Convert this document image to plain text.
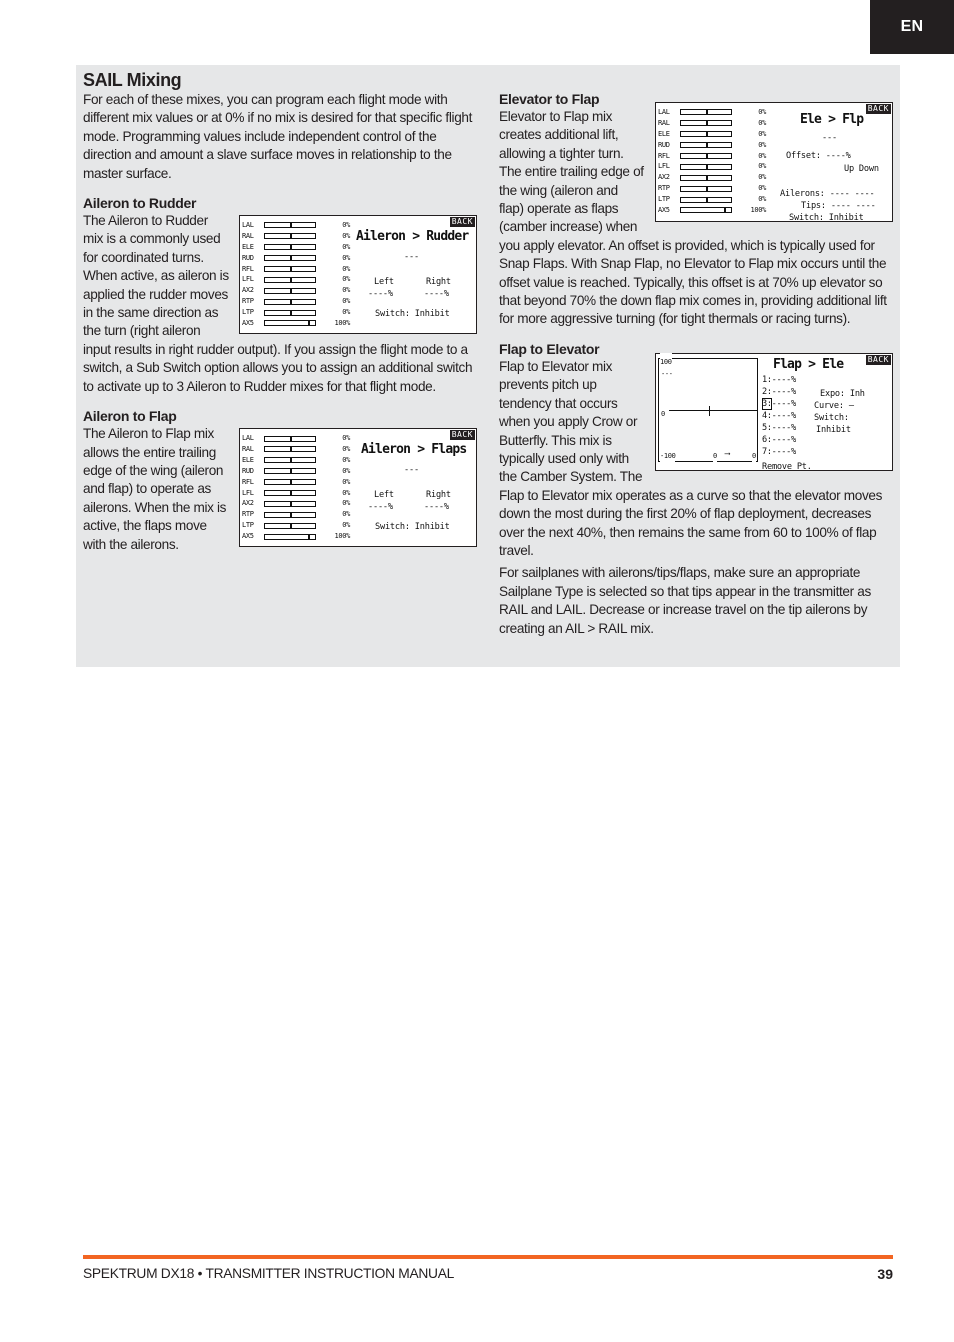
EN
SAIL Mixing

For each of these mixes, you can program each flight mode with different mix values or at 0% if no mix is desired for that specific flight mode. Programming values include independent control of the direction and amount a slave surface moves in relationship to the master surface.

Aileron to Rudder
LAL	0%
RAL	0%
ELE	0%
RUD	0%
RFL	0%
LFL	0%
AX2	0%
RTP	0%
LTP	0%
AX5	100%
BACK
Aileron > Rudder
---
Left	Right
----%	----%
Switch: Inhibit

The Aileron to Rudder mix is a commonly used for coordinated turns. When active, as aileron is applied the rudder moves in the same direction as the turn (right aileron input results in right rudder output). If you assign the flight mode to a switch, a Sub Switch option allows you to assign an additional switch to activate up to 3 Aileron to Rudder mixes for that flight mode.

Aileron to Flap
LAL	0%
RAL	0%
ELE	0%
RUD	0%
RFL	0%
LFL	0%
AX2	0%
RTP	0%
LTP	0%
AX5	100%
BACK
Aileron > Flaps
---
Left	Right
----%	----%
Switch: Inhibit

The Aileron to Flap mix allows the entire trailing edge of the wing (aileron and flap) to operate as ailerons. When the mix is active, the flaps move with the ailerons.

Elevator to Flap
LAL	0%
RAL	0%
ELE	0%
RUD	0%
RFL	0%
LFL	0%
AX2	0%
RTP	0%
LTP	0%
AX5	100%
BACK
Ele > Flp
---
Offset: ----%
Up Down
Ailerons: ---- ----
Tips: ---- ----
Switch: Inhibit

Elevator to Flap mix creates additional lift, allowing a tighter turn. The entire trailing edge of the wing (aileron and flap) operate as flaps (camber increase) when you apply elevator. An offset is provided, which is typically used for Snap Flaps. With Snap Flap, no Elevator to Flap mix occurs until the offset value is reached. Typically, this offset is at 70% up elevator so that beyond 70% the down flap mix comes in, providing additional lift for more aggressive turning (for tight thermals or racing turns).

Flap to Elevator
100
---
0
-100	0 ⟶	0
BACK
Flap > Ele
1:----%
2:----%
3:----%
4:----%
5:----%
6:----%
7:----%
Expo: Inh
Curve: –
Switch:
Inhibit
Remove Pt.

Flap to Elevator mix prevents pitch up tendency that occurs when you apply Crow or Butterfly. This mix is typically used only with the Camber System. The Flap to Elevator mix operates as a curve so that the elevator moves down the most during the first 20% of flap deployment, decreases over the next 40%, then remains the same from 60 to 100% of flap travel.

For sailplanes with ailerons/tips/flaps, make sure an appropriate Sailplane Type is selected so that tips appear in the transmitter as RAIL and LAIL. Decrease or increase travel on the tip ailerons by creating an AIL > RAIL mix.

SPEKTRUM DX18 • TRANSMITTER INSTRUCTION MANUAL	39
